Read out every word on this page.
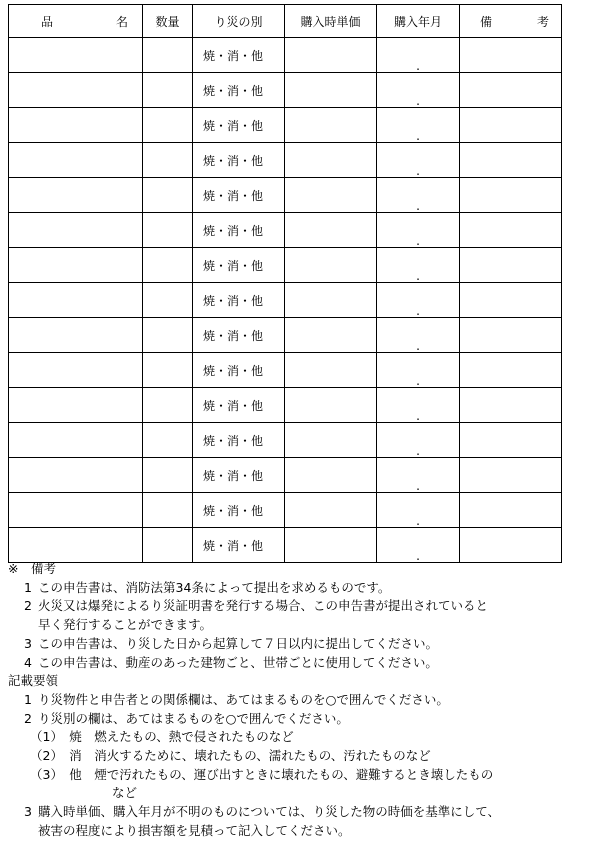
品 名	数量	り災の別	購入時単価	購入年月	備 考

		焼・消・他		.	
		焼・消・他		.	
		焼・消・他		.	
		焼・消・他		.	
		焼・消・他		.	
		焼・消・他		.	
		焼・消・他		.	
		焼・消・他		.	
		焼・消・他		.	
		焼・消・他		.	
		焼・消・他		.	
		焼・消・他		.	
		焼・消・他		.	
		焼・消・他		.	
		焼・消・他		.	
※　備考
1 この申告書は、消防法第34条によって提出を求めるものです。
2 火災又は爆発によるり災証明書を発行する場合、この申告書が提出されていると
早く発行することができます。
3 この申告書は、り災した日から起算して７日以内に提出してください。
4 この申告書は、動産のあった建物ごと、世帯ごとに使用してください。
記載要領
1 り災物件と申告者との関係欄は、あてはまるものを○で囲んでください。
2 り災別の欄は、あてはまるものを○で囲んでください。
（1）　焼　燃えたもの、熱で侵されたものなど
（2）　消　消火するために、壊れたもの、濡れたもの、汚れたものなど
（3）　他　煙で汚れたもの、運び出すときに壊れたもの、避難するとき壊したもの
など
3 購入時単価、購入年月が不明のものについては、り災した物の時価を基準にして、
被害の程度により損害額を見積って記入してください。
